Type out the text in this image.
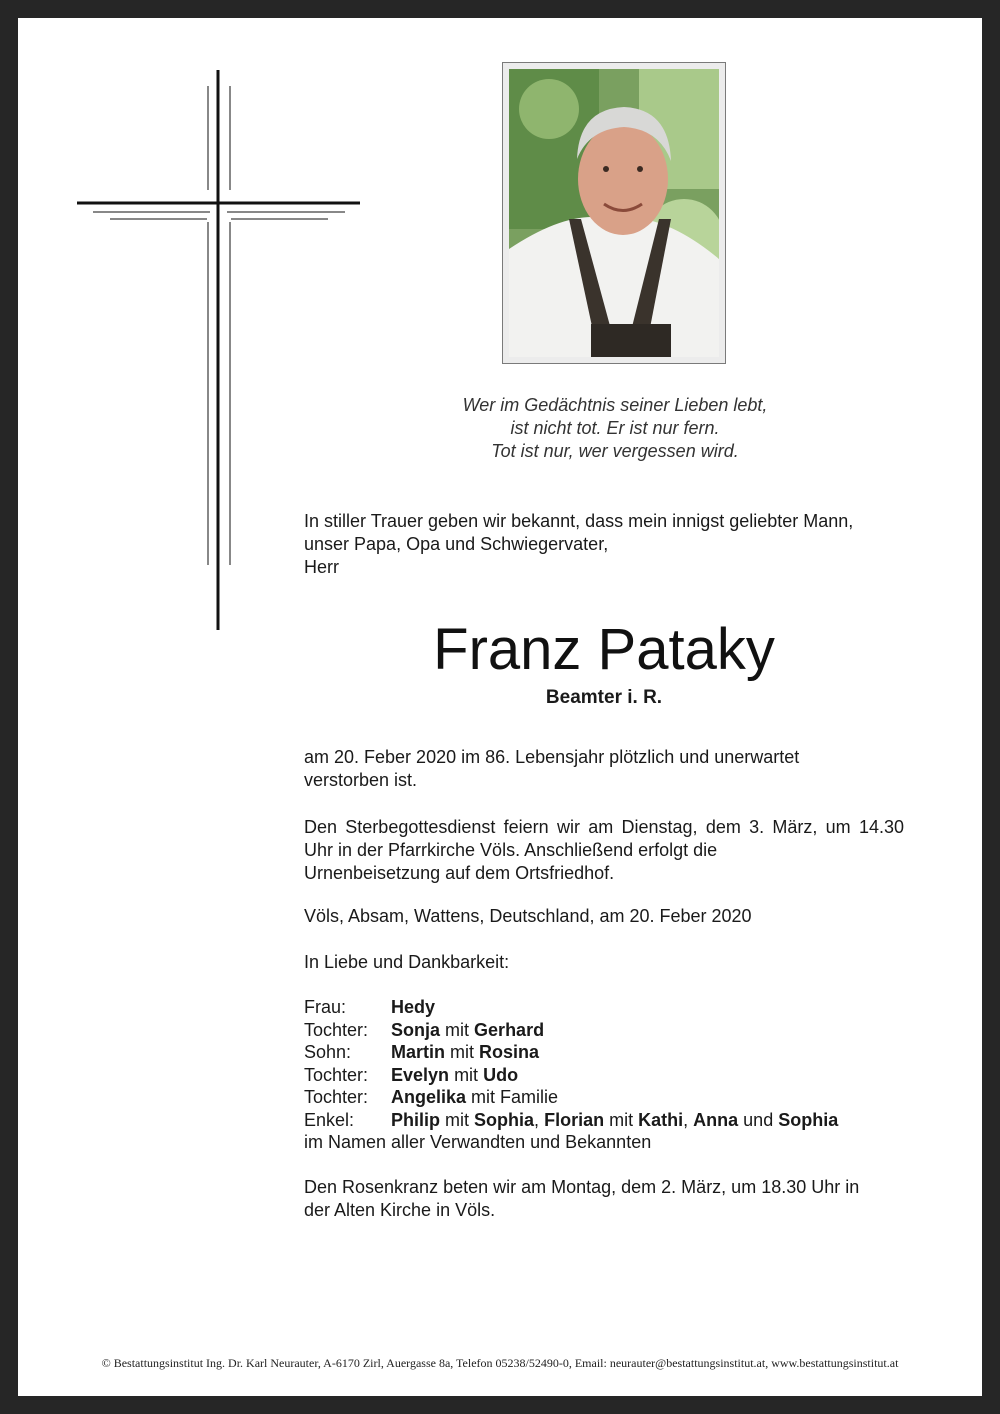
Wer im Gedächtnis seiner Lieben lebt,
ist nicht tot. Er ist nur fern.
Tot ist nur, wer vergessen wird.
In stiller Trauer geben wir bekannt, dass mein innigst geliebter Mann,
unser Papa, Opa und Schwiegervater,
Herr
Franz Pataky
Beamter i. R.
am 20. Feber 2020 im 86. Lebensjahr plötzlich und unerwartet
verstorben ist.
Den Sterbegottesdienst feiern wir am Dienstag, dem 3. März, um 14.30 Uhr in der Pfarrkirche Völs. Anschließend erfolgt die
Urnenbeisetzung auf dem Ortsfriedhof.
Völs, Absam, Wattens, Deutschland, am 20. Feber 2020
In Liebe und Dankbarkeit:
Frau:	Hedy
Tochter:	Sonja mit Gerhard
Sohn:	Martin mit Rosina
Tochter:	Evelyn mit Udo
Tochter:	Angelika mit Familie
Enkel:	Philip mit Sophia, Florian mit Kathi, Anna und Sophia
im Namen aller Verwandten und Bekannten
Den Rosenkranz beten wir am Montag, dem 2. März, um 18.30 Uhr in
der Alten Kirche in Völs.
© Bestattungsinstitut Ing. Dr. Karl Neurauter, A-6170 Zirl, Auergasse 8a, Telefon 05238/52490-0, Email: neurauter@bestattungsinstitut.at, www.bestattungsinstitut.at
